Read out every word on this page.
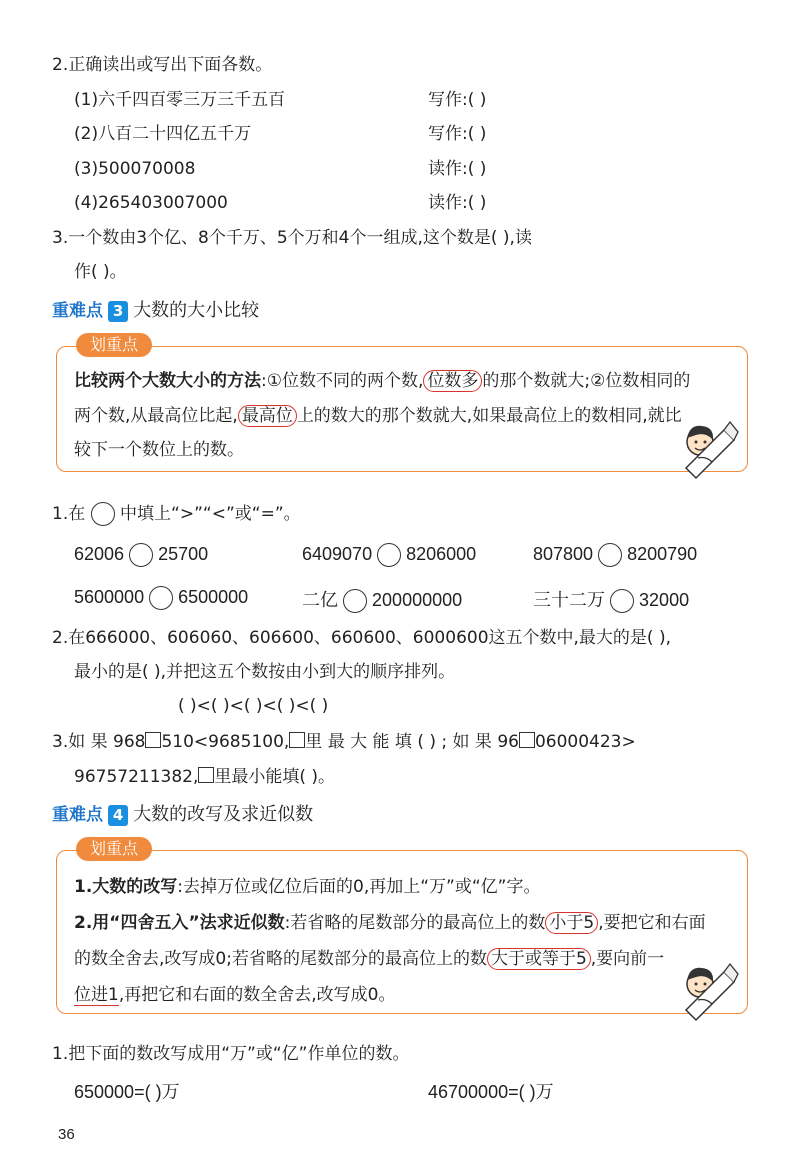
2.正确读出或写出下面各数。
(1)六千四百零三万三千五百	写作:( )
(2)八百二十四亿五千万	写作:( )
(3)500070008	读作:( )
(4)265403007000	读作:( )
3.一个数由3个亿、8个千万、5个万和4个一组成,这个数是( ),读
作( )。
重难点 3 大数的大小比较
划重点
比较两个大数大小的方法:①位数不同的两个数, 位数多 的那个数就大;②位数相同的
两个数,从最高位比起, 最高位 上的数大的那个数就大,如果最高位上的数相同,就比
较下一个数位上的数。
1.在 中填上“>”“<”或“=”。
62006 25700	6409070 8206000	807800 8200790
5600000 6500000	二亿 200000000	三十二万 32000
2.在666000、606060、606600、660600、6000600这五个数中,最大的是( ),
最小的是( ),并把这五个数按由小到大的顺序排列。
( )<( )<( )<( )<( )
3.如 果 968 510<9685100, 里 最 大 能 填 ( ) ; 如 果 96 06000423>
96757211382, 里最小能填( )。
重难点 4 大数的改写及求近似数
划重点
1.大数的改写:去掉万位或亿位后面的0,再加上“万”或“亿”字。
2.用“四舍五入”法求近似数:若省略的尾数部分的最高位上的数 小于5 ,要把它和右面
的数全舍去,改写成0;若省略的尾数部分的最高位上的数 大于或等于5 ,要向前一
位进1,再把它和右面的数全舍去,改写成0。
1.把下面的数改写成用“万”或“亿”作单位的数。
650000=( )万	46700000=( )万
36
